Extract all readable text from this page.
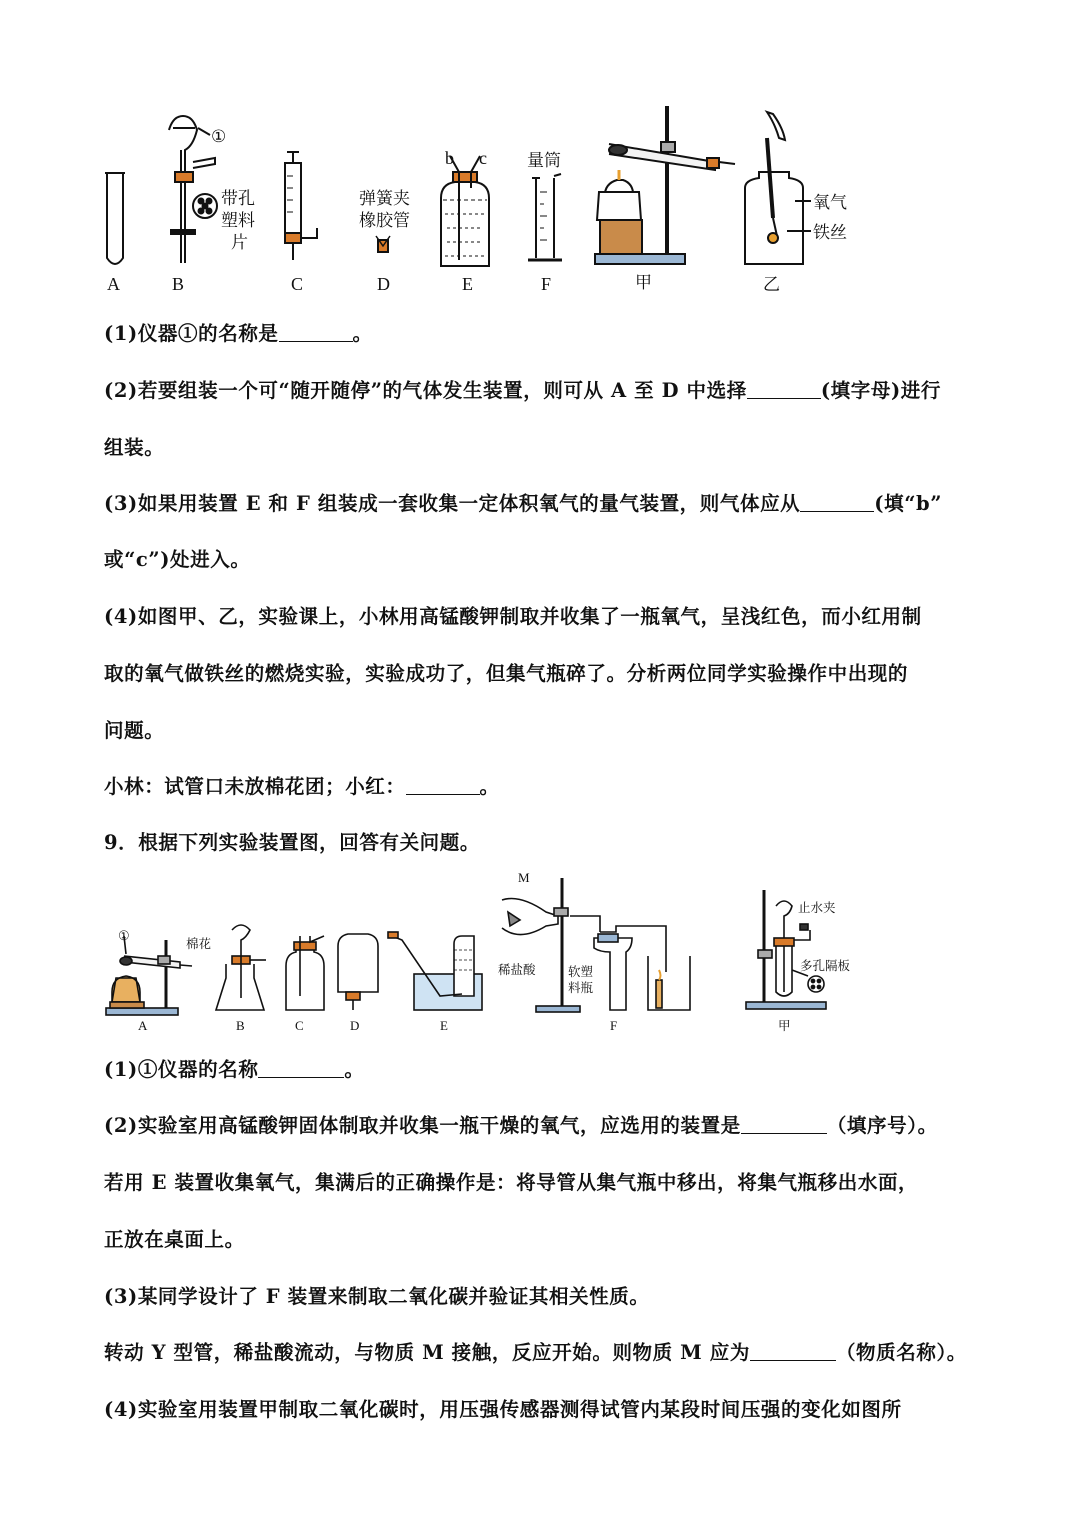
A	B	C	D	E	F	甲	乙
①
带孔
塑料
片
弹簧夹
橡胶管
b c 量筒
氧气
铁丝
(1)仪器①的名称是	。
(2)若要组装一个可“随开随停”的气体发生装置，则可从 A 至 D 中选择	(填字母)进行
组装。
(3)如果用装置 E 和 F 组装成一套收集一定体积氧气的量气装置，则气体应从	(填“b”
或“c”)处进入。
(4)如图甲、乙，实验课上，小林用高锰酸钾制取并收集了一瓶氧气，呈浅红色，而小红用制
取的氧气做铁丝的燃烧实验，实验成功了，但集气瓶碎了。分析两位同学实验操作中出现的
问题。
小林：试管口未放棉花团；小红：	。
9．根据下列实验装置图，回答有关问题。
A	B	C	D	E	F	甲
①
棉花
M
稀盐酸	软塑
料瓶
止水夹
多孔隔板
(1)①仪器的名称	。
(2)实验室用高锰酸钾固体制取并收集一瓶干燥的氧气，应选用的装置是	（填序号）。
若用 E 装置收集氧气，集满后的正确操作是：将导管从集气瓶中移出，将集气瓶移出水面，
正放在桌面上。
(3)某同学设计了 F 装置来制取二氧化碳并验证其相关性质。
转动 Y 型管，稀盐酸流动，与物质 M 接触，反应开始。则物质 M 应为	（物质名称）。
(4)实验室用装置甲制取二氧化碳时，用压强传感器测得试管内某段时间压强的变化如图所
